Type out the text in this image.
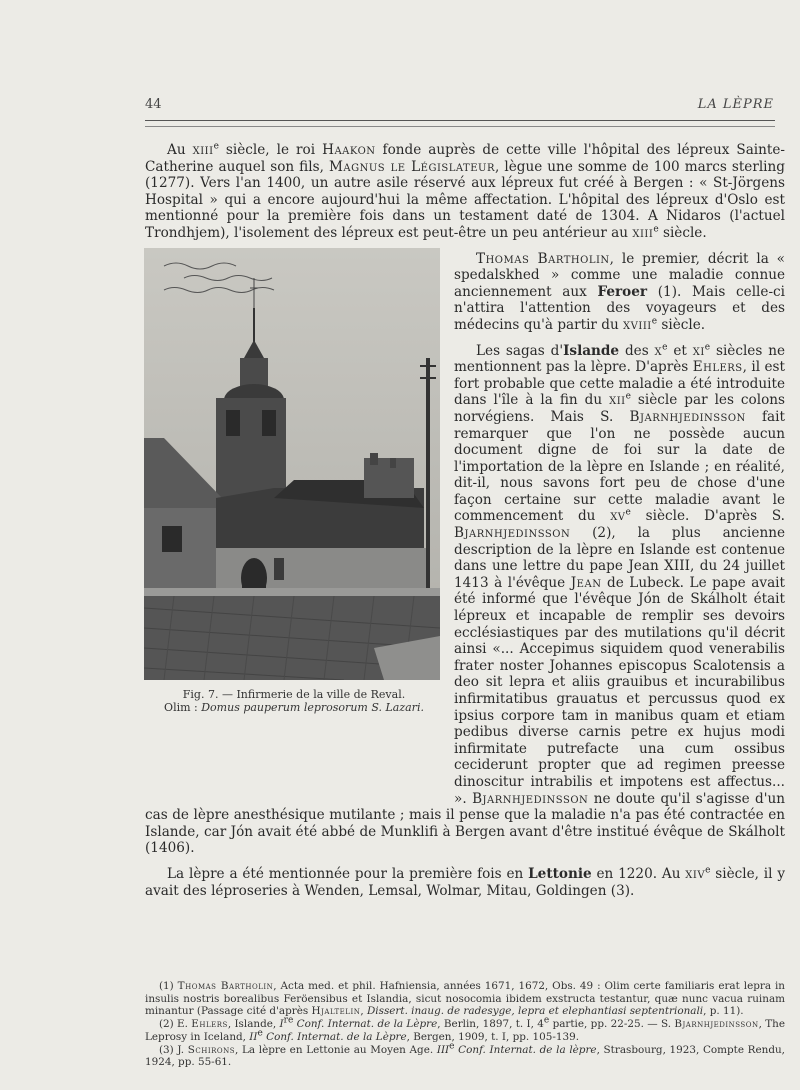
44	LA LÈPRE

Au xiii$^e$ siècle, le roi Haakon fonde auprès de cette ville l'hôpital des lépreux Sainte-Catherine auquel son fils, Magnus le Législateur, lègue une somme de 100 marcs sterling (1277). Vers l'an 1400, un autre asile réservé aux lépreux fut créé à Bergen : « St-Jörgens Hospital » qui a encore aujourd'hui la même affectation. L'hôpital des lépreux d'Oslo est mentionné pour la première fois dans un testament daté de 1304. A Nidaros (l'actuel Trondhjem), l'isolement des lépreux est peut-être un peu antérieur au xiii$^e$ siècle.

Fig. 7. — Infirmerie de la ville de Reval.
Olim : Domus pauperum leprosorum S. Lazari.

Thomas Bartholin, le premier, décrit la « spedalskhed » comme une maladie connue anciennement aux Feroer (1). Mais celle-ci n'attira l'attention des voyageurs et des médecins qu'à partir du xviii$^e$ siècle.

Les sagas d'Islande des $x^e$ et $xi^e$ siècles ne mentionnent pas la lèpre. D'après Ehlers, il est fort probable que cette maladie a été introduite dans l'île à la fin du xii$^e$ siècle par les colons norvégiens. Mais S. Bjarnhjedinsson fait remarquer que l'on ne possède aucun document digne de foi sur la date de l'importation de la lèpre en Islande ; en réalité, dit-il, nous savons fort peu de chose d'une façon certaine sur cette maladie avant le commencement du $xv^e$ siècle. D'après S. Bjarnhjedinsson (2), la plus ancienne description de la lèpre en Islande est contenue dans une lettre du pape Jean XIII, du 24 juillet 1413 à l'évêque Jean de Lubeck. Le pape avait été informé que l'évêque Jón de Skálholt était lépreux et incapable de remplir ses devoirs ecclésiastiques par des mutilations qu'il décrit ainsi «... Accepimus siquidem quod venerabilis frater noster Johannes episcopus Scalotensis a deo sit lepra et aliis grauibus et incurabilibus infirmitatibus grauatus et percussus quod ex ipsius corpore tam in manibus quam et etiam pedibus diverse carnis petre ex hujus modi infirmitate putrefacte una cum ossibus ceciderunt propter que ad regimen preesse dinoscitur intrabilis et impotens est affectus... ». Bjarnhjedinsson ne doute qu'il s'agisse d'un cas de lèpre anesthésique mutilante ; mais il pense que la maladie n'a pas été contractée en Islande, car Jón avait été abbé de Munklifi à Bergen avant d'être institué évêque de Skálholt (1406).

La lèpre a été mentionnée pour la première fois en Lettonie en 1220. Au xiv$^e$ siècle, il y avait des léproseries à Wenden, Lemsal, Wolmar, Mitau, Goldingen (3).

(1) Thomas Bartholin, Acta med. et phil. Hafniensia, années 1671, 1672, Obs. 49 : Olim certe familiaris erat lepra in insulis nostris borealibus Feröensibus et Islandia, sicut nosocomia ibidem exstructa testantur, quæ nunc vacua ruinam minantur (Passage cité d'après Hjaltelin, Dissert. inaug. de radesyge, lepra et elephantiasi septentrionali, p. 11).

(2) E. Ehlers, Islande, Ire Conf. Internat. de la Lèpre, Berlin, 1897, t. I, 4e partie, pp. 22-25. — S. Bjarnhjedinsson, The Leprosy in Iceland, IIe Conf. Internat. de la Lèpre, Bergen, 1909, t. I, pp. 105-139.

(3) J. Schirons, La lèpre en Lettonie au Moyen Age. IIIe Conf. Internat. de la lèpre, Strasbourg, 1923, Compte Rendu, 1924, pp. 55-61.
